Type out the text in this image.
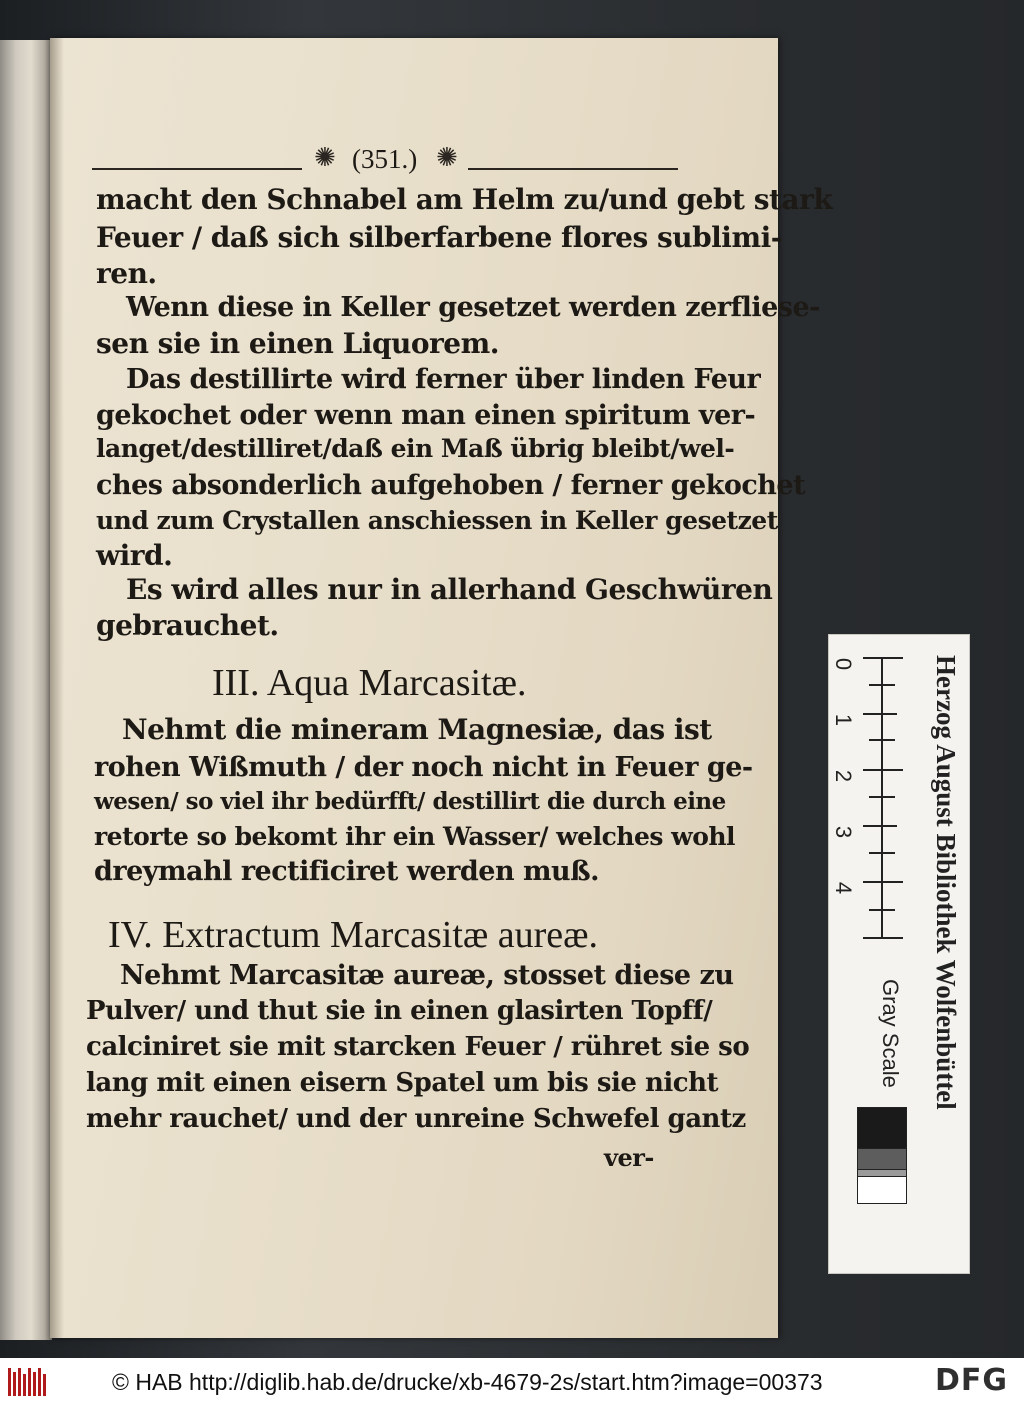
✺ (351.) ✺
macht den Schnabel am Helm zu/und gebt stark
Feuer / daß sich silberfarbene flores sublimi-
ren.
Wenn diese in Keller gesetzet werden zerfliese-
sen sie in einen Liquorem.
Das destillirte wird ferner über linden Feur
gekochet oder wenn man einen spiritum ver-
langet/destilliret/daß ein Maß übrig bleibt/wel-
ches absonderlich aufgehoben / ferner gekochet
und zum Crystallen anschiessen in Keller gesetzet
wird.
Es wird alles nur in allerhand Geschwüren
gebrauchet.
III. Aqua Marcasitæ.
Nehmt die mineram Magnesiæ, das ist
rohen Wißmuth / der noch nicht in Feuer ge-
wesen/ so viel ihr bedürfft/ destillirt die durch eine
retorte so bekomt ihr ein Wasser/ welches wohl
dreymahl rectificiret werden muß.
IV. Extractum Marcasitæ aureæ.
Nehmt Marcasitæ aureæ, stosset diese zu
Pulver/ und thut sie in einen glasirten Topff/
calciniret sie mit starcken Feuer / rühret sie so
lang mit einen eisern Spatel um bis sie nicht
mehr rauchet/ und der unreine Schwefel gantz
ver-
0
1
2
3
4
Gray Scale Herzog August Bibliothek Wolfenbüttel
© HAB http://diglib.hab.de/drucke/xb-4679-2s/start.htm?image=00373	DFG
